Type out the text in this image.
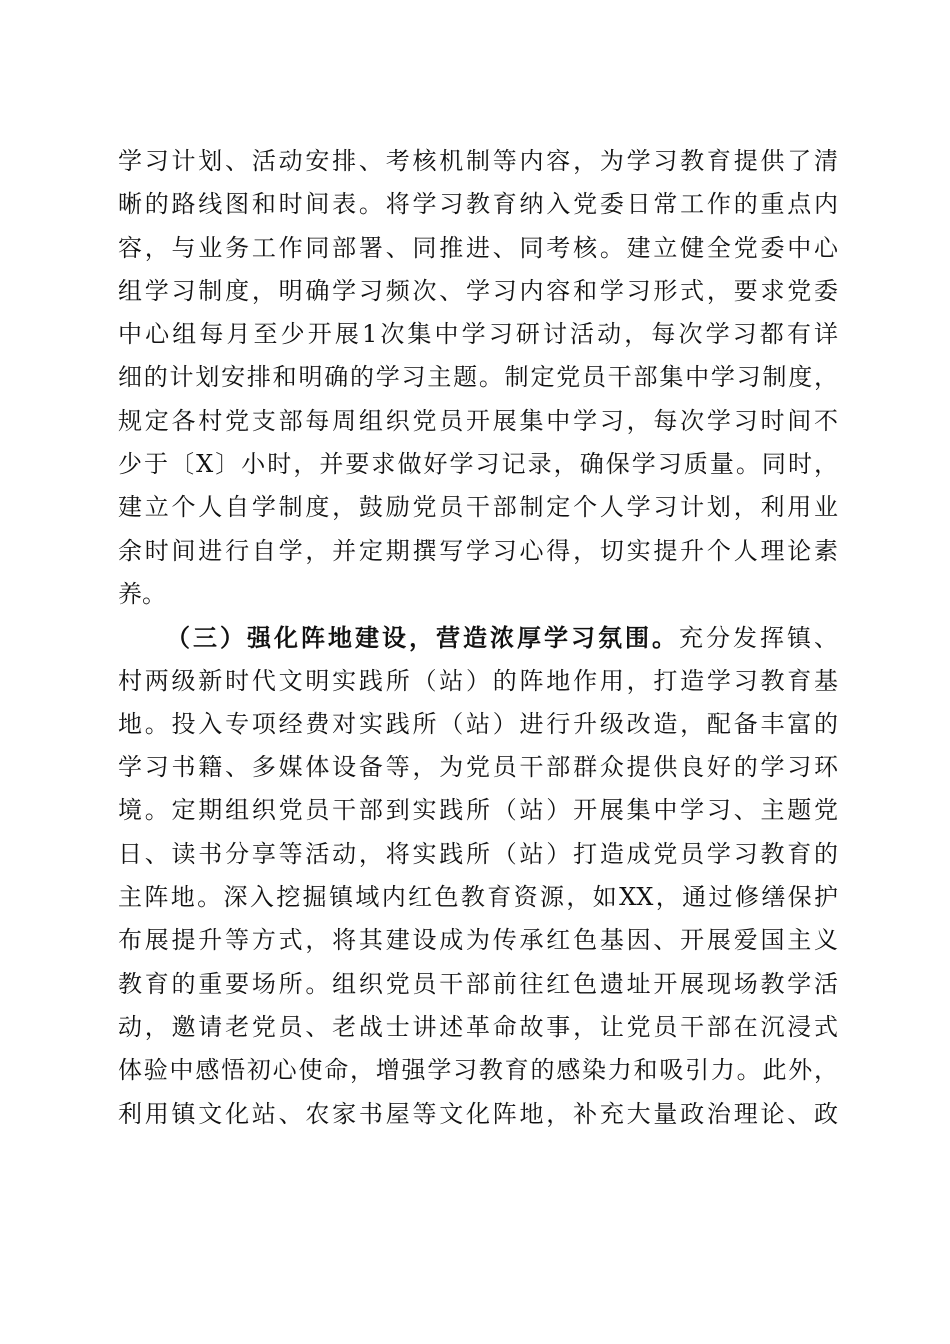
学习计划、活动安排、考核机制等内容，为学习教育提供了清
晰的路线图和时间表。将学习教育纳入党委日常工作的重点内
容，与业务工作同部署、同推进、同考核。建立健全党委中心
组学习制度，明确学习频次、学习内容和学习形式，要求党委
中心组每月至少开展1次集中学习研讨活动，每次学习都有详
细的计划安排和明确的学习主题。制定党员干部集中学习制度，
规定各村党支部每周组织党员开展集中学习，每次学习时间不
少于〔X〕小时，并要求做好学习记录，确保学习质量。同时，
建立个人自学制度，鼓励党员干部制定个人学习计划，利用业
余时间进行自学，并定期撰写学习心得，切实提升个人理论素
养。
（三）强化阵地建设，营造浓厚学习氛围。充分发挥镇、
村两级新时代文明实践所（站）的阵地作用，打造学习教育基
地。投入专项经费对实践所（站）进行升级改造，配备丰富的
学习书籍、多媒体设备等，为党员干部群众提供良好的学习环
境。定期组织党员干部到实践所（站）开展集中学习、主题党
日、读书分享等活动，将实践所（站）打造成党员学习教育的
主阵地。深入挖掘镇域内红色教育资源，如XX，通过修缮保护
布展提升等方式，将其建设成为传承红色基因、开展爱国主义
教育的重要场所。组织党员干部前往红色遗址开展现场教学活
动，邀请老党员、老战士讲述革命故事，让党员干部在沉浸式
体验中感悟初心使命，增强学习教育的感染力和吸引力。此外，
利用镇文化站、农家书屋等文化阵地，补充大量政治理论、政
